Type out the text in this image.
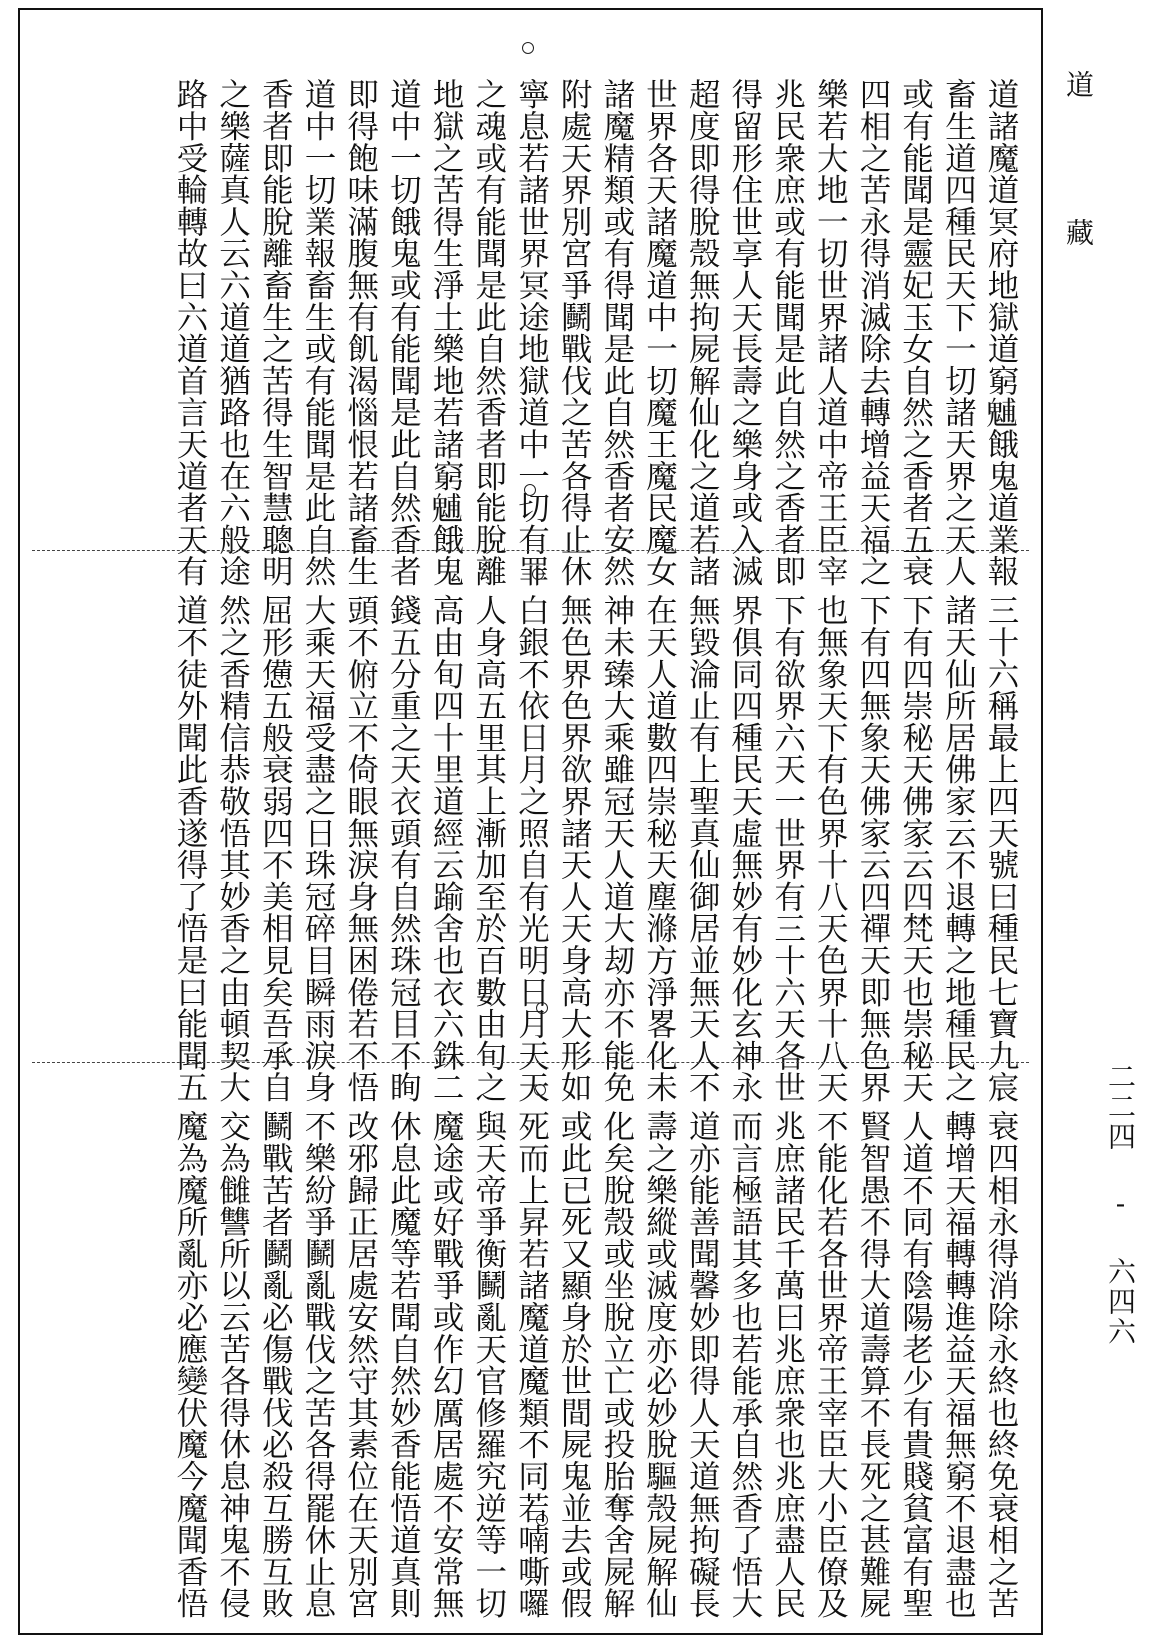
道諸魔道冥府地獄道窮𩳐餓鬼道業報
畜生道四種民天下一切諸天界之天人
或有能聞是靈妃玉女自然之香者五衰
四相之苦永得消滅除去轉增益天福之
樂若大地一切世界諸人道中帝王臣宰
兆民衆庶或有能聞是此自然之香者即
得留形住世享人天長壽之樂身或入滅
超度即得脫殼無拘屍解仙化之道若諸
世界各天諸魔道中一切魔王魔民魔女
諸魔精類或有得聞是此自然香者安然
附處天界別宮爭鬭戰伐之苦各得止休
寧息若諸世界冥途地獄道中一切有罪
之魂或有能聞是此自然香者即能脫離
地獄之苦得生淨土樂地若諸窮𩳐餓鬼
道中一切餓鬼或有能聞是此自然香者
即得飽味滿腹無有飢渴惱恨若諸畜生
道中一切業報畜生或有能聞是此自然
香者即能脫離畜生之苦得生智慧聰明
之樂薩真人云六道道猶路也在六般途
路中受輪轉故曰六道首言天道者天有
三十六稱最上四天號曰種民七寶九宸
諸天仙所居佛家云不退轉之地種民之
下有四崇秘天佛家云四梵天也崇秘天
下有四無象天佛家云四禪天即無色界
也無象天下有色界十八天色界十八天
下有欲界六天一世界有三十六天各世
界俱同四種民天虛無妙有妙化玄神永
無毀淪止有上聖真仙御居並無天人不
在天人道數四崇秘天塵滌方淨畧化未
神未臻大乘雖冠天人道大刼亦不能免
無色界色界欲界諸天人天身高大形如
白銀不依日月之照自有光明日月天天
人身高五里其上漸加至於百數由旬之
高由旬四十里道經云踰舍也衣六銖二
錢五分重之天衣頭有自然珠冠目不眴
頭不俯立不倚眼無淚身無困倦若不悟
大乘天福受盡之日珠冠碎目瞬雨淚身
屈形憊五般衰弱四不美相見矣吾承自
然之香精信恭敬悟其妙香之由頓契大
道不徒外聞此香遂得了悟是曰能聞五
衰四相永得消除永終也終免衰相之苦
轉增天福轉轉進益天福無窮不退盡也
人道不同有陰陽老少有貴賤貧富有聖
賢智愚不得大道壽算不長死之甚難屍
不能化若各世界帝王宰臣大小臣僚及
兆庶諸民千萬曰兆庶衆也兆庶盡人民
而言極語其多也若能承自然香了悟大
道亦能善聞馨妙即得人天道無拘礙長
壽之樂縱或滅度亦必妙脫驅殼屍解仙
化矣脫殼或坐脫立亡或投胎奪舍屍解
或此已死又顯身於世間屍鬼並去或假
死而上昇若諸魔道魔類不同若喃嘶囉
與天帝爭衡鬭亂天官修羅究逆等一切
魔途或好戰爭或作幻厲居處不安常無
休息此魔等若聞自然妙香能悟道真則
改邪歸正居處安然守其素位在天別宮
不樂紛爭鬭亂戰伐之苦各得罷休止息
鬭戰苦者鬭亂必傷戰伐必殺互勝互敗
交為雠讐所以云苦各得休息神鬼不侵
魔為魔所亂亦必應變伏魔今魔聞香悟
道藏
二二四 - 六四六
